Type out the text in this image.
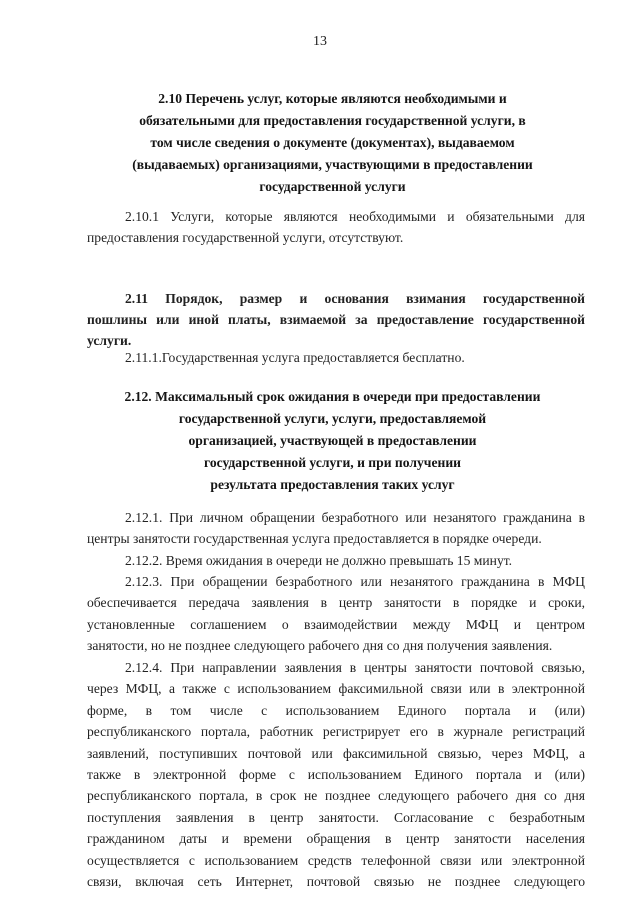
13
2.10 Перечень услуг, которые являются необходимыми и
обязательными для предоставления государственной услуги, в
том числе сведения о документе (документах), выдаваемом
(выдаваемых) организациями, участвующими в предоставлении
государственной услуги
2.10.1 Услуги, которые являются необходимыми и обязательными для
предоставления государственной услуги, отсутствуют.
2.11 Порядок, размер и основания взимания государственной
пошлины или иной платы, взимаемой за предоставление государственной
услуги.
2.11.1.Государственная услуга предоставляется бесплатно.
2.12. Максимальный срок ожидания в очереди при предоставлении
государственной услуги, услуги, предоставляемой
организацией, участвующей в предоставлении
государственной услуги, и при получении
результата предоставления таких услуг
2.12.1. При личном обращении безработного или незанятого гражданина в
центры занятости государственная услуга предоставляется в порядке очереди.
2.12.2. Время ожидания в очереди не должно превышать 15 минут.
2.12.3. При обращении безработного или незанятого гражданина в МФЦ
обеспечивается передача заявления в центр занятости в порядке и сроки,
установленные соглашением о взаимодействии между МФЦ и центром
занятости, но не позднее следующего рабочего дня со дня получения заявления.
2.12.4. При направлении заявления в центры занятости почтовой связью,
через МФЦ, а также с использованием факсимильной связи или в электронной
форме, в том числе с использованием Единого портала и (или)
республиканского портала, работник регистрирует его в журнале регистраций
заявлений, поступивших почтовой или факсимильной связью, через МФЦ, а
также в электронной форме с использованием Единого портала и (или)
республиканского портала, в срок не позднее следующего рабочего дня со дня
поступления заявления в центр занятости. Согласование с безработным
гражданином даты и времени обращения в центр занятости населения
осуществляется с использованием средств телефонной связи или электронной
связи, включая сеть Интернет, почтовой связью не позднее следующего
